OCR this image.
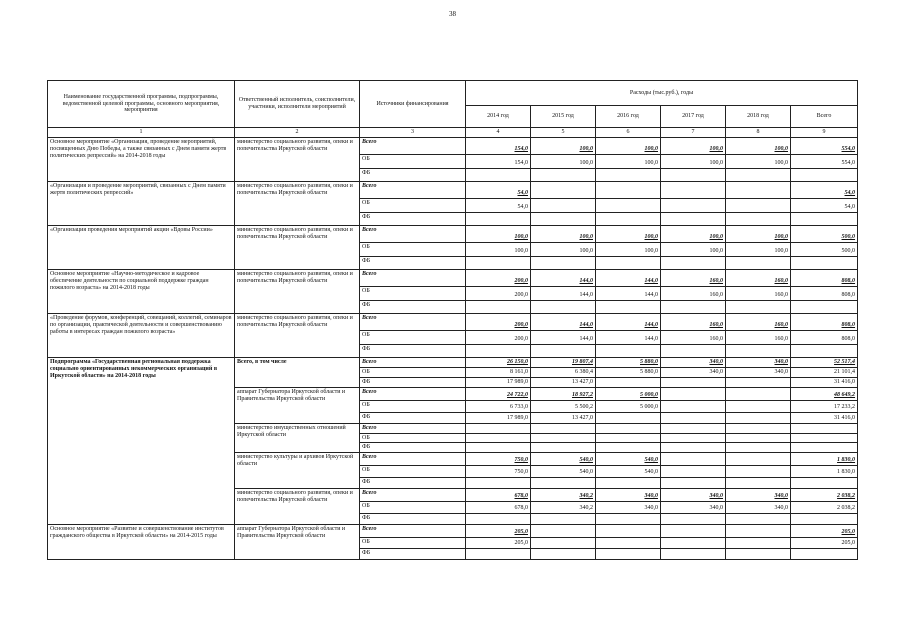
38
Наименование государственной программы, подпрограммы, ведомственной целевой программы, основного мероприятия, мероприятия	Ответственный исполнитель, соисполнители, участники, исполнители мероприятий	Источники финансирования	Расходы (тыс.руб.), годы					
			2014 год	2015 год	2016 год	2017 год	2018 год	Всего
1	2	3	4	5	6	7	8	9
Основное мероприятие «Организация, проведение мероприятий, посвященных Дню Победы, а также связанных с Днем памяти жертв политических репрессий» на 2014-2018 годы	министерство социального развития, опеки и попечительства Иркутской области	Всего	154,0	100,0	100,0	100,0	100,0	554,0
		ОБ	154,0	100,0	100,0	100,0	100,0	554,0
		ФБ						
«Организация и проведение мероприятий, связанных с Днем памяти жертв политических репрессий»	министерство социального развития, опеки и попечительства Иркутской области	Всего	54,0					54,0
		ОБ	54,0					54,0
		ФБ						
«Организация проведения мероприятий акции «Вдовы России»	министерство социального развития, опеки и попечительства Иркутской области	Всего	100,0	100,0	100,0	100,0	100,0	500,0
		ОБ	100,0	100,0	100,0	100,0	100,0	500,0
		ФБ						
Основное мероприятие «Научно-методическое и кадровое обеспечение деятельности по социальной поддержке граждан пожилого возраста» на 2014-2018 годы	министерство социального развития, опеки и попечительства Иркутской области	Всего	200,0	144,0	144,0	160,0	160,0	808,0
		ОБ	200,0	144,0	144,0	160,0	160,0	808,0
		ФБ						
«Проведение форумов, конференций, совещаний, коллегий, семинаров по организации, практической деятельности и совершенствованию работы в интересах граждан пожилого возраста»	министерство социального развития, опеки и попечительства Иркутской области	Всего	200,0	144,0	144,0	160,0	160,0	808,0
		ОБ	200,0	144,0	144,0	160,0	160,0	808,0
		ФБ						
Подпрограмма «Государственная региональная поддержка социально ориентированных некоммерческих организаций в Иркутской области» на 2014-2018 годы	Всего, в том числе	Всего	26 150,0	19 807,4	5 880,0	340,0	340,0	52 517,4
		ОБ	8 161,0	6 380,4	5 880,0	340,0	340,0	21 101,4
		ФБ	17 989,0	13 427,0				31 416,0
	аппарат Губернатора Иркутской области и Правительства Иркутской области	Всего	24 722,0	18 927,2	5 000,0			48 649,2
		ОБ	6 733,0	5 500,2	5 000,0			17 233,2
		ФБ	17 989,0	13 427,0				31 416,0
	министерство имущественных отношений Иркутской области	Всего						
		ОБ						
		ФБ						
	министерство культуры и архивов Иркутской области	Всего	750,0	540,0	540,0			1 830,0
		ОБ	750,0	540,0	540,0			1 830,0
		ФБ						
	министерство социального развития, опеки и попечительства Иркутской области	Всего	678,0	340,2	340,0	340,0	340,0	2 038,2
		ОБ	678,0	340,2	340,0	340,0	340,0	2 038,2
		ФБ						
Основное мероприятие «Развитие и совершенствование институтов гражданского общества в Иркутской области» на 2014-2015 годы	аппарат Губернатора Иркутской области и Правительства Иркутской области	Всего	205,0					205,0
		ОБ	205,0					205,0
		ФБ						
